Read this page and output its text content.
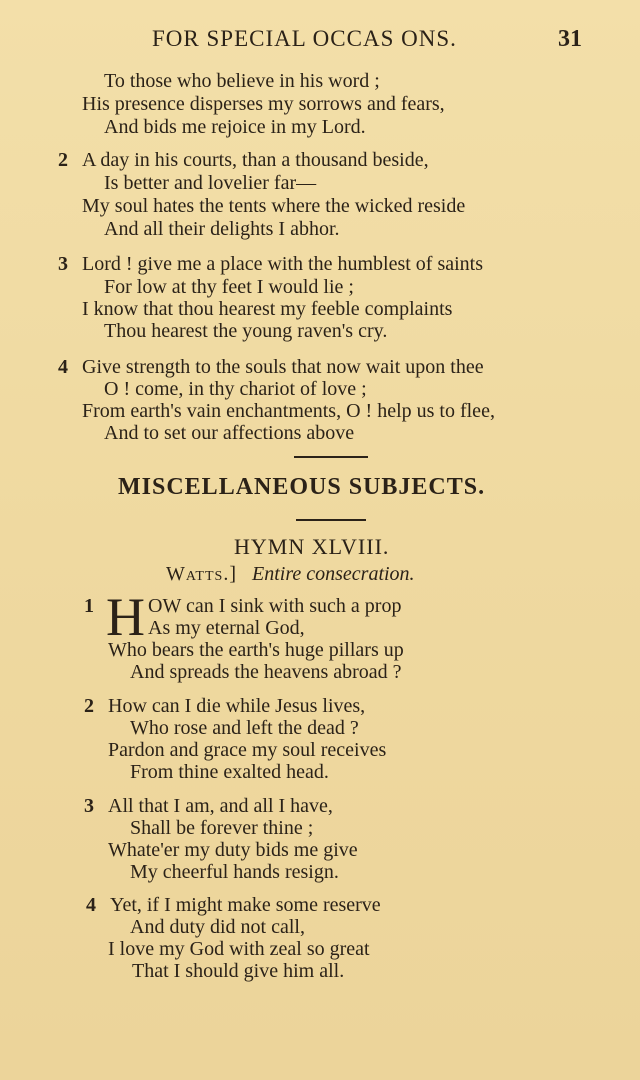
FOR SPECIAL OCCAS ONS.	31
To those who believe in his word ;
His presence disperses my sorrows and fears,
And bids me rejoice in my Lord.
2 A day in his courts, than a thousand beside,
Is better and lovelier far—
My soul hates the tents where the wicked reside
And all their delights I abhor.
3 Lord ! give me a place with the humblest of saints
For low at thy feet I would lie ;
I know that thou hearest my feeble complaints
Thou hearest the young raven's cry.
4 Give strength to the souls that now wait upon thee
O ! come, in thy chariot of love ;
From earth's vain enchantments, O ! help us to flee,
And to set our affections above
MISCELLANEOUS SUBJECTS.
HYMN XLVIII.
Watts.] Entire consecration.
1 H OW can I sink with such a prop
As my eternal God,
Who bears the earth's huge pillars up
And spreads the heavens abroad ?
2 How can I die while Jesus lives,
Who rose and left the dead ?
Pardon and grace my soul receives
From thine exalted head.
3 All that I am, and all I have,
Shall be forever thine ;
Whate'er my duty bids me give
My cheerful hands resign.
4 Yet, if I might make some reserve
And duty did not call,
I love my God with zeal so great
That I should give him all.
